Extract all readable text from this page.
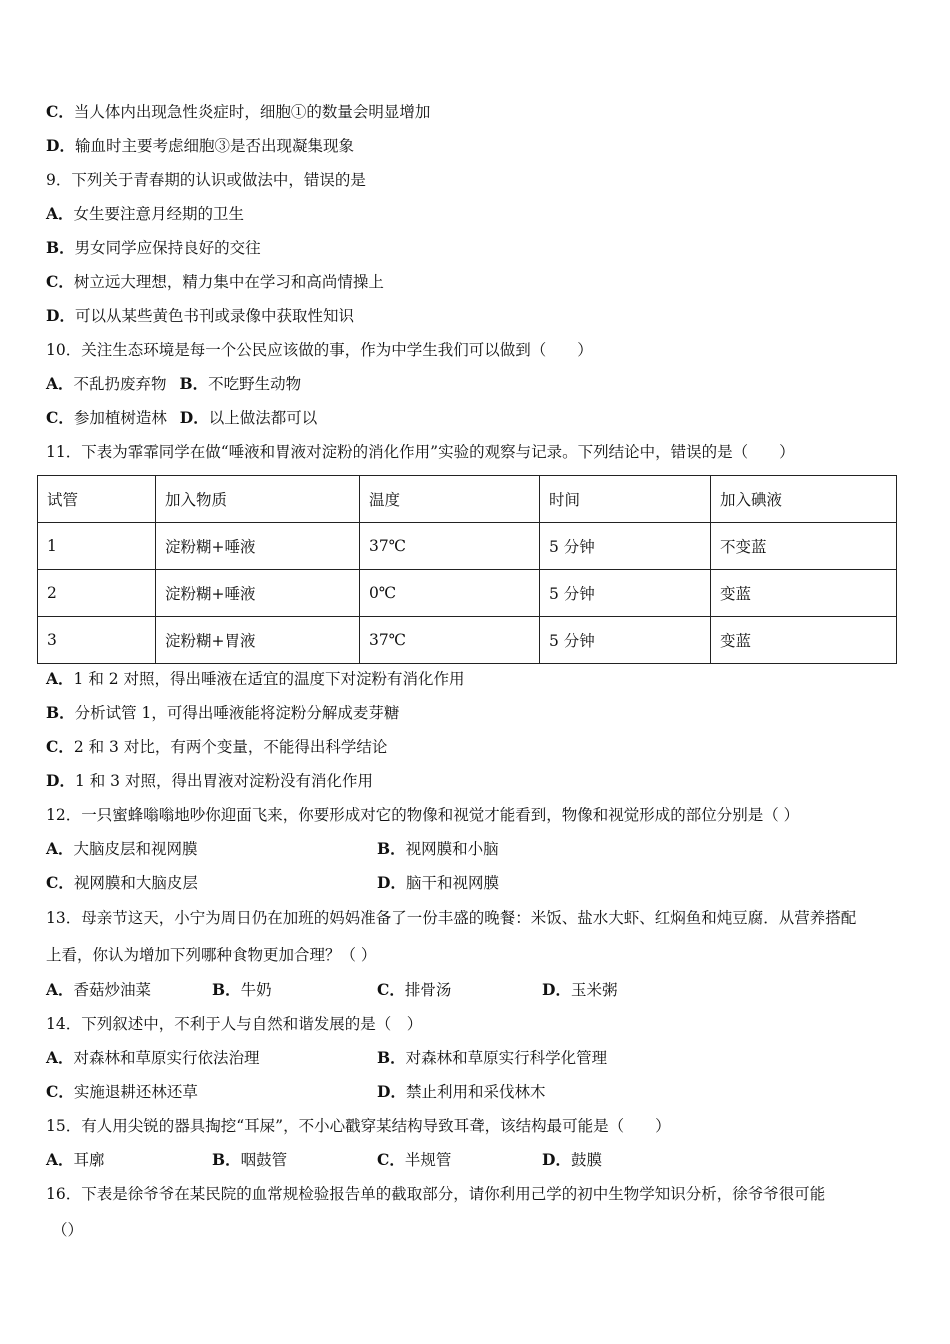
C．当人体内出现急性炎症时，细胞①的数量会明显增加
D．输血时主要考虑细胞③是否出现凝集现象
9．下列关于青春期的认识或做法中，错误的是
A．女生要注意月经期的卫生
B．男女同学应保持良好的交往
C．树立远大理想，精力集中在学习和高尚情操上
D．可以从某些黄色书刊或录像中获取性知识
10．关注生态环境是每一个公民应该做的事，作为中学生我们可以做到（　　）
A．不乱扔废弃物 B．不吃野生动物
C．参加植树造林 D．以上做法都可以
11．下表为霏霏同学在做“唾液和胃液对淀粉的消化作用”实验的观察与记录。下列结论中，错误的是（　　）
试管	加入物质	温度	时间	加入碘液
1	淀粉糊+唾液	37℃	5 分钟	不变蓝
2	淀粉糊+唾液	0℃	5 分钟	变蓝
3	淀粉糊+胃液	37℃	5 分钟	变蓝
A．1 和 2 对照，得出唾液在适宜的温度下对淀粉有消化作用
B．分析试管 1，可得出唾液能将淀粉分解成麦芽糖
C．2 和 3 对比，有两个变量，不能得出科学结论
D．1 和 3 对照，得出胃液对淀粉没有消化作用
12．一只蜜蜂嗡嗡地吵你迎面飞来，你要形成对它的物像和视觉才能看到，物像和视觉形成的部位分别是（ ）
A．大脑皮层和视网膜	B．视网膜和小脑
C．视网膜和大脑皮层	D．脑干和视网膜
13．母亲节这天，小宁为周日仍在加班的妈妈准备了一份丰盛的晚餐：米饭、盐水大虾、红焖鱼和炖豆腐．从营养搭配
上看，你认为增加下列哪种食物更加合理？（ ）
A．香菇炒油菜	B．牛奶	C．排骨汤	D．玉米粥
14．下列叙述中，不利于人与自然和谐发展的是（　）
A．对森林和草原实行依法治理	B．对森林和草原实行科学化管理
C．实施退耕还林还草	D．禁止利用和采伐林木
15．有人用尖锐的器具掏挖“耳屎”，不小心戳穿某结构导致耳聋，该结构最可能是（　　）
A．耳廓	B．咽鼓管	C．半规管	D．鼓膜
16．下表是徐爷爷在某民院的血常规检验报告单的截取部分，请你利用己学的初中生物学知识分析，徐爷爷很可能
（）
